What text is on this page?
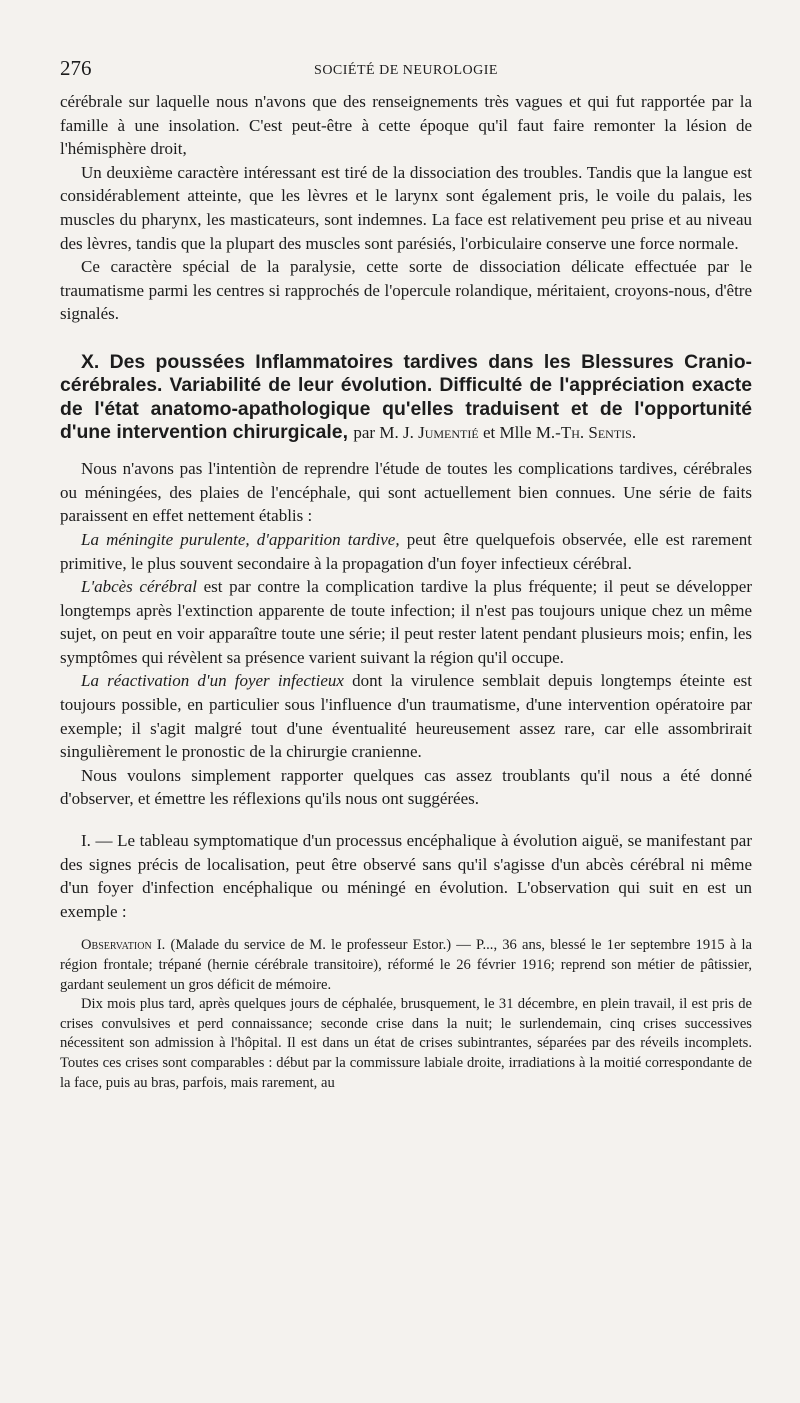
276	SOCIÉTÉ DE NEUROLOGIE

cérébrale sur laquelle nous n'avons que des renseignements très vagues et qui fut rapportée par la famille à une insolation. C'est peut-être à cette époque qu'il faut faire remonter la lésion de l'hémisphère droit,

Un deuxième caractère intéressant est tiré de la dissociation des troubles. Tandis que la langue est considérablement atteinte, que les lèvres et le larynx sont également pris, le voile du palais, les muscles du pharynx, les masticateurs, sont indemnes. La face est relativement peu prise et au niveau des lèvres, tandis que la plupart des muscles sont parésiés, l'orbiculaire conserve une force normale.

Ce caractère spécial de la paralysie, cette sorte de dissociation délicate effectuée par le traumatisme parmi les centres si rapprochés de l'opercule rolandique, méritaient, croyons-nous, d'être signalés.

X. Des poussées Inflammatoires tardives dans les Blessures Cranio-cérébrales. Variabilité de leur évolution. Difficulté de l'appréciation exacte de l'état anatomo-apathologique qu'elles traduisent et de l'opportunité d'une intervention chirurgicale, par M. J. Jumentié et Mlle M.-Th. Sentis.

Nous n'avons pas l'intentiòn de reprendre l'étude de toutes les complications tardives, cérébrales ou méningées, des plaies de l'encéphale, qui sont actuellement bien connues. Une série de faits paraissent en effet nettement établis :

La méningite purulente, d'apparition tardive, peut être quelquefois observée, elle est rarement primitive, le plus souvent secondaire à la propagation d'un foyer infectieux cérébral.

L'abcès cérébral est par contre la complication tardive la plus fréquente; il peut se développer longtemps après l'extinction apparente de toute infection; il n'est pas toujours unique chez un même sujet, on peut en voir apparaître toute une série; il peut rester latent pendant plusieurs mois; enfin, les symptômes qui révèlent sa présence varient suivant la région qu'il occupe.

La réactivation d'un foyer infectieux dont la virulence semblait depuis longtemps éteinte est toujours possible, en particulier sous l'influence d'un traumatisme, d'une intervention opératoire par exemple; il s'agit malgré tout d'une éventualité heureusement assez rare, car elle assombrirait singulièrement le pronostic de la chirurgie cranienne.

Nous voulons simplement rapporter quelques cas assez troublants qu'il nous a été donné d'observer, et émettre les réflexions qu'ils nous ont suggérées.

I. — Le tableau symptomatique d'un processus encéphalique à évolution aiguë, se manifestant par des signes précis de localisation, peut être observé sans qu'il s'agisse d'un abcès cérébral ni même d'un foyer d'infection encéphalique ou méningé en évolution. L'observation qui suit en est un exemple :

Observation I. (Malade du service de M. le professeur Estor.) — P..., 36 ans, blessé le 1er septembre 1915 à la région frontale; trépané (hernie cérébrale transitoire), réformé le 26 février 1916; reprend son métier de pâtissier, gardant seulement un gros déficit de mémoire.

Dix mois plus tard, après quelques jours de céphalée, brusquement, le 31 décembre, en plein travail, il est pris de crises convulsives et perd connaissance; seconde crise dans la nuit; le surlendemain, cinq crises successives nécessitent son admission à l'hôpital. Il est dans un état de crises subintrantes, séparées par des réveils incomplets. Toutes ces crises sont comparables : début par la commissure labiale droite, irradiations à la moitié correspondante de la face, puis au bras, parfois, mais rarement, au
